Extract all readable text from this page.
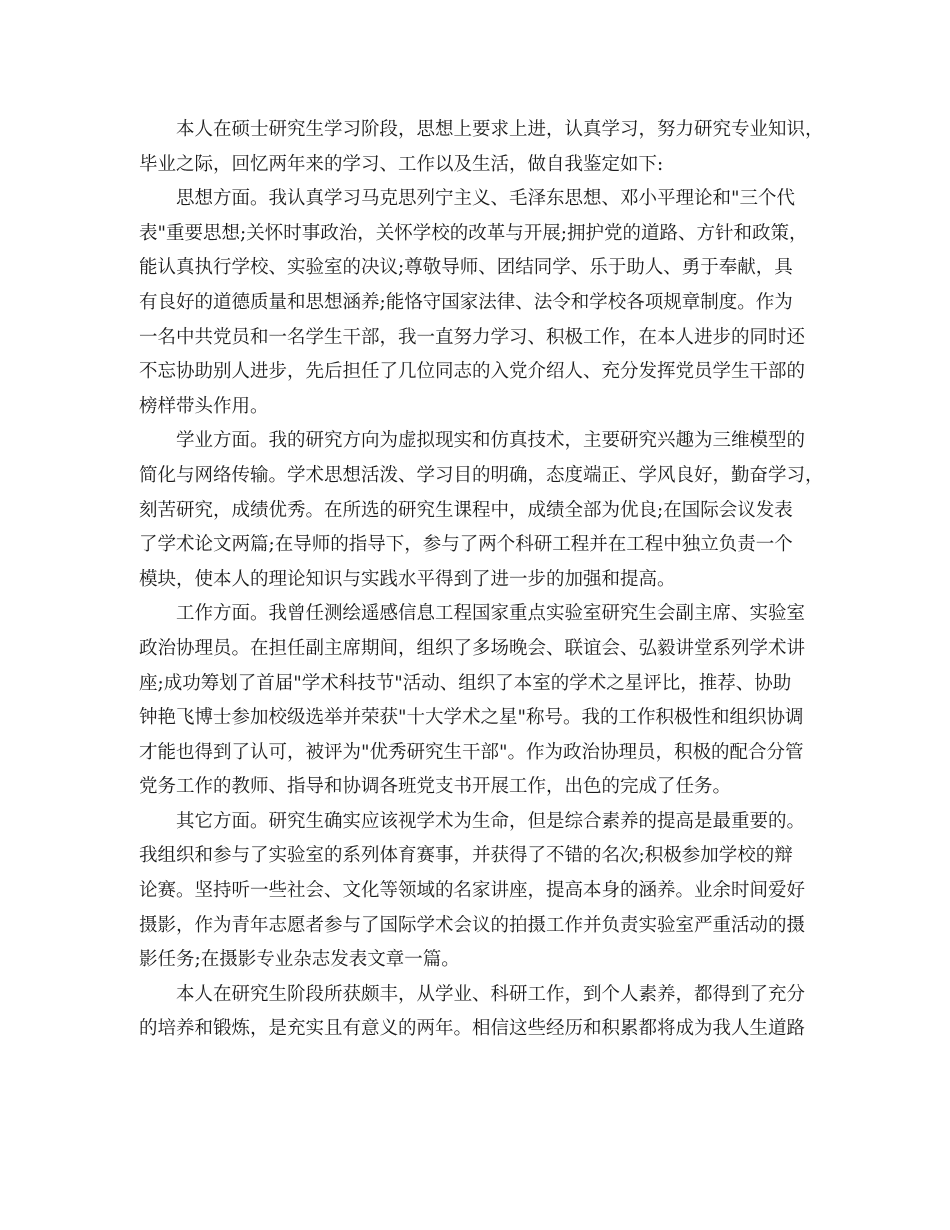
本人在硕士研究生学习阶段，思想上要求上进，认真学习，努力研究专业知识，
毕业之际，回忆两年来的学习、工作以及生活，做自我鉴定如下:
思想方面。我认真学习马克思列宁主义、毛泽东思想、邓小平理论和"三个代
表"重要思想;关怀时事政治，关怀学校的改革与开展;拥护党的道路、方针和政策，
能认真执行学校、实验室的决议;尊敬导师、团结同学、乐于助人、勇于奉献，具
有良好的道德质量和思想涵养;能恪守国家法律、法令和学校各项规章制度。作为
一名中共党员和一名学生干部，我一直努力学习、积极工作，在本人进步的同时还
不忘协助别人进步，先后担任了几位同志的入党介绍人、充分发挥党员学生干部的
榜样带头作用。
学业方面。我的研究方向为虚拟现实和仿真技术，主要研究兴趣为三维模型的
简化与网络传输。学术思想活泼、学习目的明确，态度端正、学风良好，勤奋学习，
刻苦研究，成绩优秀。在所选的研究生课程中，成绩全部为优良;在国际会议发表
了学术论文两篇;在导师的指导下，参与了两个科研工程并在工程中独立负责一个
模块，使本人的理论知识与实践水平得到了进一步的加强和提高。
工作方面。我曾任测绘遥感信息工程国家重点实验室研究生会副主席、实验室
政治协理员。在担任副主席期间，组织了多场晚会、联谊会、弘毅讲堂系列学术讲
座;成功筹划了首届"学术科技节"活动、组织了本室的学术之星评比，推荐、协助
钟艳飞博士参加校级选举并荣获"十大学术之星"称号。我的工作积极性和组织协调
才能也得到了认可，被评为"优秀研究生干部"。作为政治协理员，积极的配合分管
党务工作的教师、指导和协调各班党支书开展工作，出色的完成了任务。
其它方面。研究生确实应该视学术为生命，但是综合素养的提高是最重要的。
我组织和参与了实验室的系列体育赛事，并获得了不错的名次;积极参加学校的辩
论赛。坚持听一些社会、文化等领域的名家讲座，提高本身的涵养。业余时间爱好
摄影，作为青年志愿者参与了国际学术会议的拍摄工作并负责实验室严重活动的摄
影任务;在摄影专业杂志发表文章一篇。
本人在研究生阶段所获颇丰，从学业、科研工作，到个人素养，都得到了充分
的培养和锻炼，是充实且有意义的两年。相信这些经历和积累都将成为我人生道路
